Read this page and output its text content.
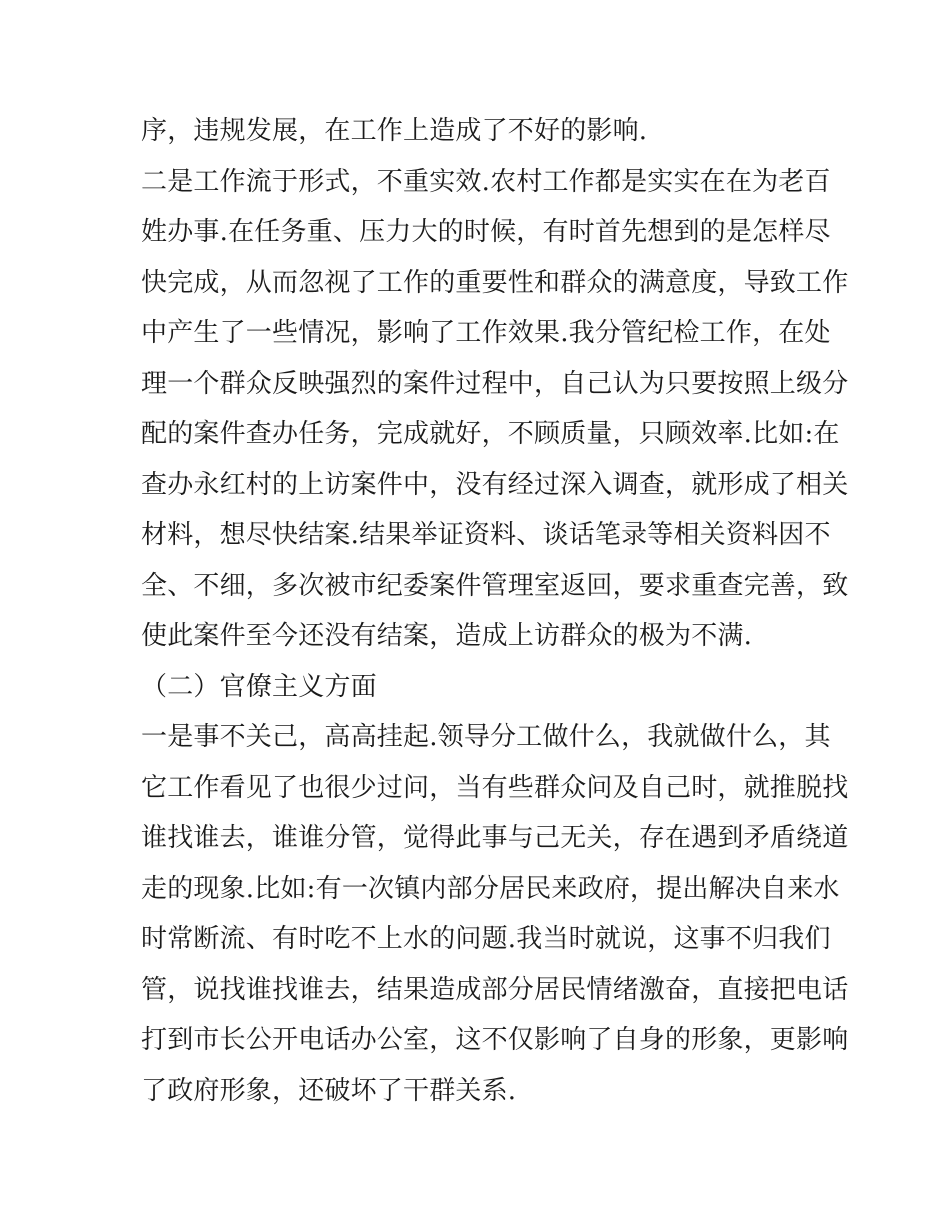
序，违规发展，在工作上造成了不好的影响.
二是工作流于形式，不重实效.农村工作都是实实在在为老百
姓办事.在任务重、压力大的时候，有时首先想到的是怎样尽
快完成，从而忽视了工作的重要性和群众的满意度，导致工作
中产生了一些情况，影响了工作效果.我分管纪检工作，在处
理一个群众反映强烈的案件过程中，自己认为只要按照上级分
配的案件查办任务，完成就好，不顾质量，只顾效率.比如:在
查办永红村的上访案件中，没有经过深入调查，就形成了相关
材料，想尽快结案.结果举证资料、谈话笔录等相关资料因不
全、不细，多次被市纪委案件管理室返回，要求重查完善，致
使此案件至今还没有结案，造成上访群众的极为不满.
（二）官僚主义方面
一是事不关己，高高挂起.领导分工做什么，我就做什么，其
它工作看见了也很少过问，当有些群众问及自己时，就推脱找
谁找谁去，谁谁分管，觉得此事与己无关，存在遇到矛盾绕道
走的现象.比如:有一次镇内部分居民来政府，提出解决自来水
时常断流、有时吃不上水的问题.我当时就说，这事不归我们
管，说找谁找谁去，结果造成部分居民情绪激奋，直接把电话
打到市长公开电话办公室，这不仅影响了自身的形象，更影响
了政府形象，还破坏了干群关系.
